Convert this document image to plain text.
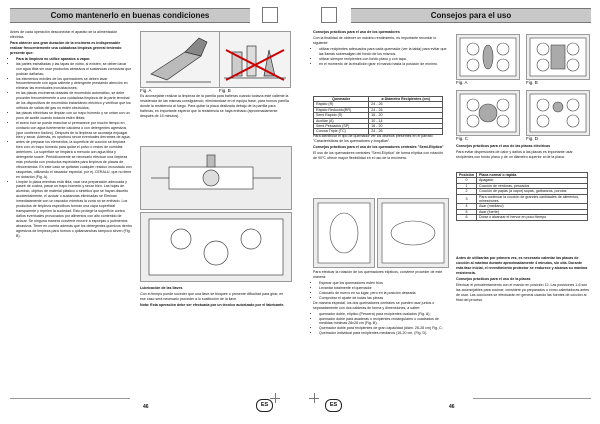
Como mantenerlo en buenas condiciones

Antes de cada operación desconectar el aparato de la alimentación eléctrica.

Para obtener una gran duración de la encimera es indispensable realizar frecuentemente una cuidadosa limpieza general teniendo presente que:

• Para la limpieza no utilice aparatos a vapor.
• las partes esmaltadas y las tapas de vidrio, si existen, se deben lavar con agua tibia sin usar productos abrasivos ni sustancias corrosivas que podrían dañarlas;
• los elementos móviles de los quemadores se deben lavar frecuentemente con agua caliente y detergente prestando atención en eliminar las eventuales incrustaciones;
• en las placas encimeras dotadas de encendido automático, se debe proceder frecuentemente a una cuidadosa limpieza de la parte terminal de los dispositivos de encendido instantáneo eléctrico y verificar que los orificios de salida del gas no estén obstruidos;
• las placas eléctricas se limpian con un trapo húmedo y se untan con un poco de aceite cuando todavía estén tibias;
• el acero inox se puede manchar si permanece por mucho tiempo en contacto con agua fuertemente calcárea o con detergentes agresivos (que contienen fósforo). Después de la limpieza se aconseja enjuagar bien y secar. Además, es oportuno secar eventuales derrames de agua.
• antes de preparar los elementos, la superficie de cocción se limpiará bien con un trapo húmedo para quitar el polvo o restos de comidas anteriores. La superficie se limpiará a menudo con agua tibia y detergente suave. Periódicamente se necesario efectuar una limpieza más profunda con productos especiales para limpieza de placas de vitrocerámica. En este caso se quitarán cualquier residuo incrustado con rasquetas, utilizando el rascador especial, por ej. CERALU, que no tiene en dotación (Fig. A).
• Limpiar lo placa mientras está tibia, usar una preparación adecuada y paseé de cocina, pasar un trapo húmedo y secar bien. Las hojas de aluminio, objetos de material plástico o sintético que se hayan disuelto accidentalmente, el azúcar o sustancias elimínadas se Elminan inmediatamente con un rascador mientras la zona no se enfriado. Los productos de limpieza específicos forman una capa superficial transparente y repelen la suciedad. Esto protege la superficie contra daños eventuales provocados por alimentos con alto contenido de azúcar. Se ninguna manera conviene recurrir a esponjas o pulimentos abrasivos. Tener en cuenta además que los detergentes químicos dentro agresivos de limpieza para hornos o quitamanchas tampoco sirven (Fig. B).
Fig. A	Fig. B

Es aconsejable realizar la limpieza de la parrilla para bañeras cuando todavía esté caliente la resistencia de las mismas consiguiendo, eliminándose en el equipo base, para hornos parrilla donde la resistencia al fuego. Para quitar la placa deslizada debajo de la parrilla para bañeras, es importante esperar que la resistencia se haya enfriado (aproximadamente después de 15 minutos).

Lubricación de las llaves

Con el tiempo puede suceder que una llave se bloquee o presente dificultad para girar, en ese caso será necesario proceder a lo sustitución de la llave.

Nota: Esta operación debe ser efectuada por un técnico autorizado por el fabricante.

46	ES
Consejos para el uso

Consejos prácticos para el uso de los quemadores

Con la finalidad de obtener un máximo rendimiento, es importante recordar lo siguiente:

• utilizar recipientes adecuados para cada quemador (ver la tabla) para evitar que las llamas sobresalgan del fondo de los mismos.
• utilizar siempre recipientes con fondo plano y con tapa.
• en el momento de la ebullición girar el mando hasta la posición de mínimo.
Quemador	ø Diámetro Recipientes (cm)
Rápido (R)	24 - 26
Rápido Reducido(RR)	24 - 26
Semi Rápido (S)	16 - 20
Auxiliar (A)	10 - 14
Semi-Pescados (SP)	16 - 20
Corona Triple (TC)	24 - 26

Para identificar el tipo de quemador ver los diseños presentes en el párrafo "Características de los quemadores y boquillas".

Consejos prácticos para el uso de los quemadores centrales "Semi-Elíptica"

El uso de los quemadores centrales "Semi-Elíptica" de forma elíptica con rotación de 90°C ofrece mayor flexibilidad en el uso de la encimera.

Para efectuar la rotación de los quemadores elípticos, conviene proceder de este manera:

• Esperar que los quemadores estén fríos
• Levantar totalmente el quemador
• Colocarlo de nuevo en su lugar, pero en la posición deseada
• Comprobar el ajuste de todas las piezas

De manera especial, los dos quemadores centrales se pueden usar juntos o separadamente con dos calderas de forma y dimensiones, a saber:

• quemador doble, elíptico (Pescera) para recipientes ovalados (Fig. A);
• quemador doble para asaderas o recipientes rectangulares o cuadrados de medidas mínimas 28x28 cm (Fig. B);
• Quemador doble para recipientes de gran capacidad (diám. 26-28 cm) Fig. C;
• Quemador individual para recipientes medianos (16-20 cm, (Fig. D).
Fig. A	Fig. B
Fig. C	Fig. D

Consejos prácticos para el uso de las placas eléctricas

Para evitar dispersiones de calor y daños a las placas es importante usar recipientes con fondo plano y de un diámetro superior al de la placa.

Posición	Placa normal o rápida
0	Apagado
1	Cocción de verduras, pescados
2	Cocción de papas (a vapor) sopas, garbanzos, porotos
3	Para continuar la cocción de grandes cantidades de alimentos, minestrones
4	Asar (mediano)
5	Asar (fuerte)
6	Dorar o alcanzar el hervor en poco tiempo

Antes de utilizarlas por primera vez, es necesario calentar las placas de cocción al máximo durante aproximadamente 4 minutos, sin olla. Durante esta fase inicial, el revestimiento protector se endurece y alcanza su máxima resistencia.

Consejos prácticos para el uso de la placas

Efectuar el precalentamiento con el mando en posición 12. Las posiciones 1-6 son las aconsejables para cocinar; considere ya preparados o como calentadoras antes de usar. Las cocciones se efectuarán en general usando las fuentes de cocción al final del proceso.

ES	46
